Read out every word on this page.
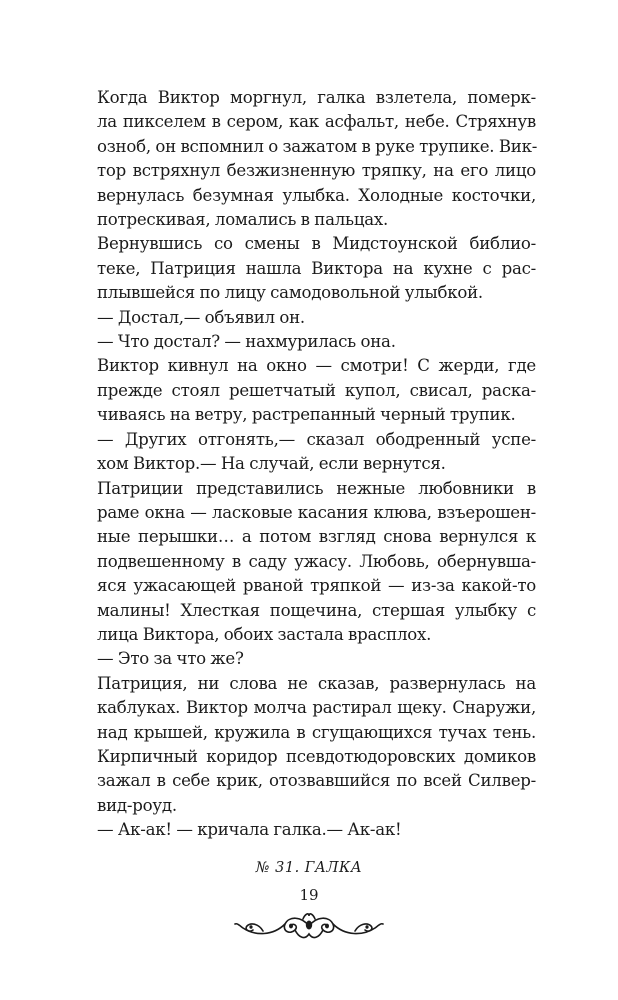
Когда Виктор моргнул, галка взлетела, померк-
ла пикселем в сером, как асфальт, небе. Стряхнув
озноб, он вспомнил о зажатом в руке трупике. Вик-
тор встряхнул безжизненную тряпку, на его лицо
вернулась безумная улыбка. Холодные косточки,
потрескивая, ломались в пальцах.

Вернувшись со смены в Мидстоунской библио-
теке, Патриция нашла Виктора на кухне с рас-
плывшейся по лицу самодовольной улыбкой.

— Достал,— объявил он.

— Что достал? — нахмурилась она.

Виктор кивнул на окно — смотри! С жерди, где
прежде стоял решетчатый купол, свисал, раска-
чиваясь на ветру, растрепанный черный трупик.

— Других отгонять,— сказал ободренный успе-
хом Виктор.— На случай, если вернутся.

Патриции представились нежные любовники в
раме окна — ласковые касания клюва, взъерошен-
ные перышки… а потом взгляд снова вернулся к
подвешенному в саду ужасу. Любовь, обернувша-
яся ужасающей рваной тряпкой — из-за какой-то
малины! Хлесткая пощечина, стершая улыбку с
лица Виктора, обоих застала врасплох.

— Это за что же?

Патриция, ни слова не сказав, развернулась на
каблуках. Виктор молча растирал щеку. Снаружи,
над крышей, кружила в сгущающихся тучах тень.
Кирпичный коридор псевдотюдоровских домиков
зажал в себе крик, отозвавшийся по всей Силвер-
вид-роуд.

— Ак-ак! — кричала галка.— Ак-ак!

№ 31. ГАЛКА
19
